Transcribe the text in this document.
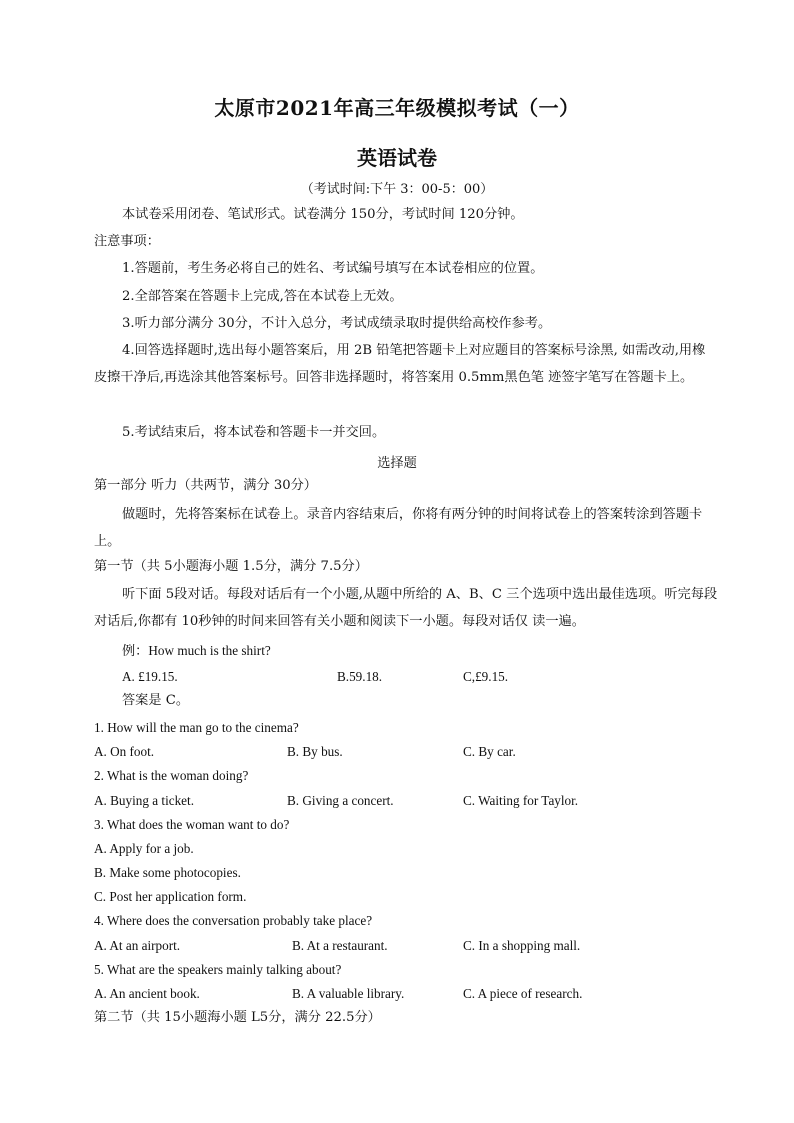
太原市2021年高三年级模拟考试（一）
英语试卷
（考试时间:下午 3：00-5：00）
本试卷采用闭卷、笔试形式。试卷满分 150分，考试时间 120分钟。
注意事项：
1.答题前，考生务必将自己的姓名、考试编号填写在本试卷相应的位置。
2.全部答案在答题卡上完成,答在本试卷上无效。
3.听力部分满分 30分，不计入总分，考试成绩录取时提供给高校作参考。
4.回答选择题时,选出每小题答案后，用 2B 铅笔把答题卡上对应题目的答案标号涂黑, 如需改动,用橡皮擦干净后,再选涂其他答案标号。回答非选择题时，将答案用 0.5mm黑色笔 迹签字笔写在答题卡上。
5.考试结束后，将本试卷和答题卡一并交回。
选择题
第一部分 听力（共两节，满分 30分）
做题时，先将答案标在试卷上。录音内容结束后，你将有两分钟的时间将试卷上的答案转涂到答题卡上。
第一节（共 5小题海小题 1.5分，满分 7.5分）
听下面 5段对话。每段对话后有一个小题,从题中所给的 A、B、C 三个选项中选出最佳选项。听完每段对话后,你都有 10秒钟的时间来回答有关小题和阅读下一小题。每段对话仅 读一遍。
例：How much is the shirt?
A. £19.15.	B.59.18.	C,£9.15.
答案是 C。
1. How will the man go to the cinema?
A. On foot.	B. By bus.	C. By car.
2. What is the woman doing?
A. Buying a ticket.	B. Giving a concert.	C. Waiting for Taylor.
3. What does the woman want to do?
A. Apply for a job.
B. Make some photocopies.
C. Post her application form.
4. Where does the conversation probably take place?
A. At an airport.	B. At a restaurant.	C. In a shopping mall.
5. What are the speakers mainly talking about?
A. An ancient book.	B. A valuable library.	C. A piece of research.
第二节（共 15小题海小题 L5分，满分 22.5分）
